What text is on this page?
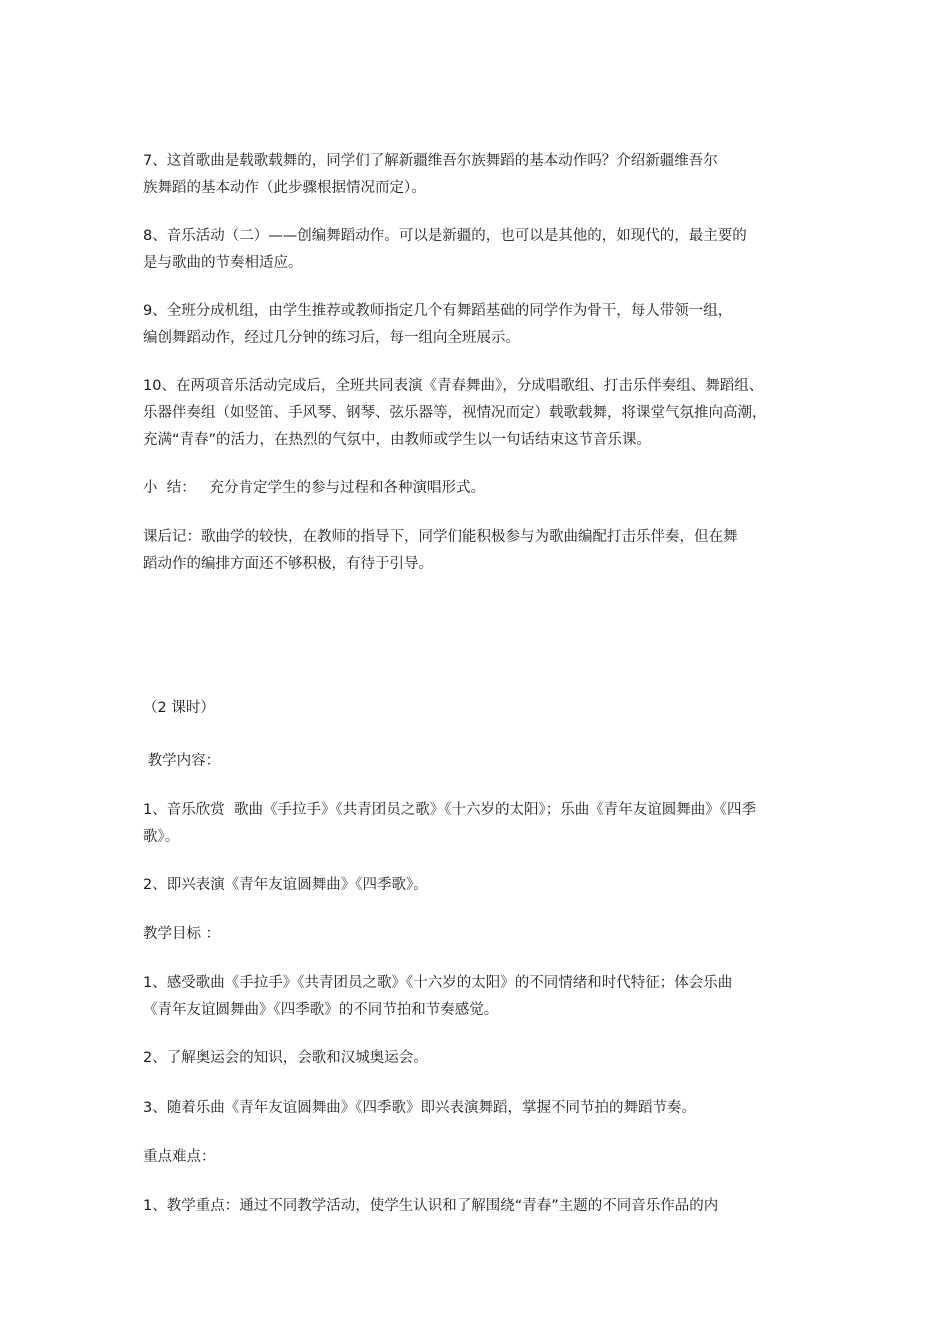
7、这首歌曲是载歌载舞的，同学们了解新疆维吾尔族舞蹈的基本动作吗？介绍新疆维吾尔
族舞蹈的基本动作（此步骤根据情况而定）。

8、音乐活动（二）——创编舞蹈动作。可以是新疆的，也可以是其他的，如现代的，最主要的
是与歌曲的节奏相适应。

9、全班分成机组，由学生推荐或教师指定几个有舞蹈基础的同学作为骨干，每人带领一组，
编创舞蹈动作，经过几分钟的练习后，每一组向全班展示。

10、在两项音乐活动完成后，全班共同表演《青春舞曲》，分成唱歌组、打击乐伴奏组、舞蹈组、
乐器伴奏组（如竖笛、手风琴、钢琴、弦乐器等，视情况而定）载歌载舞，将课堂气氛推向高潮，
充满“青春”的活力，在热烈的气氛中，由教师或学生以一句话结束这节音乐课。

小  结：   充分肯定学生的参与过程和各种演唱形式。

课后记：歌曲学的较快，在教师的指导下，同学们能积极参与为歌曲编配打击乐伴奏，但在舞
蹈动作的编排方面还不够积极，有待于引导。

（2 课时）

教学内容：

1、音乐欣赏  歌曲《手拉手》《共青团员之歌》《十六岁的太阳》；乐曲《青年友谊圆舞曲》《四季
歌》。

2、即兴表演《青年友谊圆舞曲》《四季歌》。

教学目标 ：

1、感受歌曲《手拉手》《共青团员之歌》《十六岁的太阳》的不同情绪和时代特征；体会乐曲
《青年友谊圆舞曲》《四季歌》的不同节拍和节奏感觉。

2、了解奥运会的知识，会歌和汉城奥运会。

3、随着乐曲《青年友谊圆舞曲》《四季歌》即兴表演舞蹈，掌握不同节拍的舞蹈节奏。

重点难点：

1、教学重点：通过不同教学活动，使学生认识和了解围绕“青春”主题的不同音乐作品的内
